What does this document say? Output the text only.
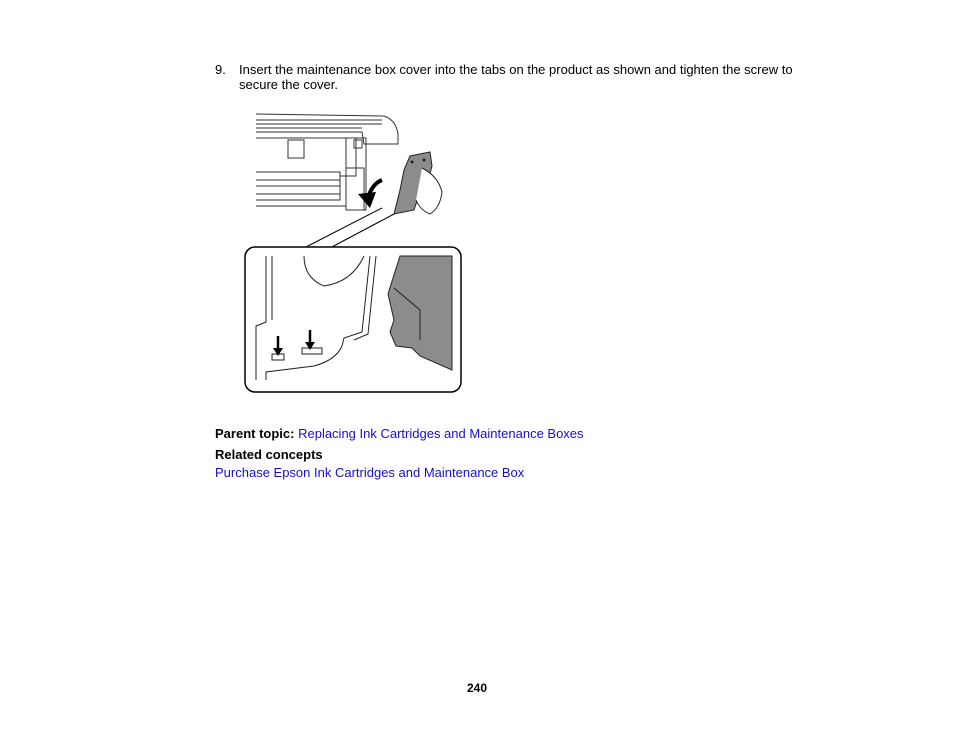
9. Insert the maintenance box cover into the tabs on the product as shown and tighten the screw to secure the cover.
Parent topic: Replacing Ink Cartridges and Maintenance Boxes
Related concepts
Purchase Epson Ink Cartridges and Maintenance Box
240
